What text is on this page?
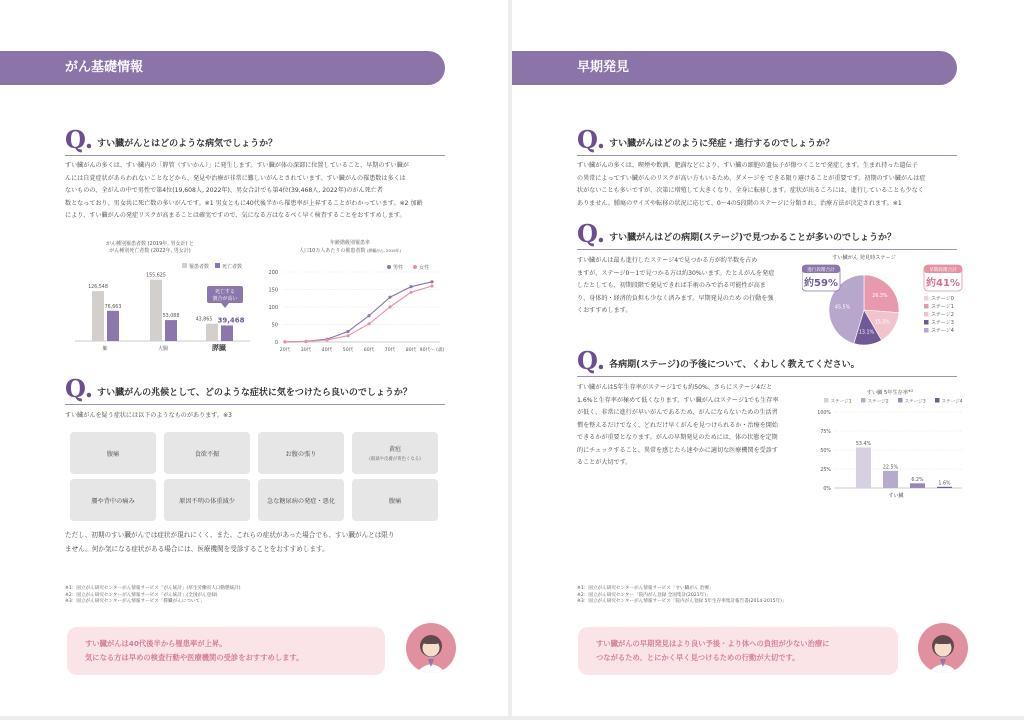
がん基礎情報
Q. すい臓がんとはどのような病気でしょうか？
すい臓がんの多くは、すい臓内の「膵管（すいかん）」に発生します。すい臓が体の深部に位置していること、早期のすい臓が
んには自覚症状があらわれないことなどから、発見や治療が非常に難しいがんとされています。すい臓がんの罹患数は多くは
ないものの、全がんの中で男性で第4位(19,608人, 2022年)、男女合計でも第4位(39,468人, 2022年)のがん死亡者
数となっており、男女共に死亡数の多いがんです。※1 男女ともに40代後半から罹患率が上昇することがわかっています。※2 加齢
により、すい臓がんの発症リスクが高まることは確実ですので、気になる方はなるべく早く検査することをおすすめします。
がん種別罹患者数 (2019年, 男女計) と
がん種別死亡者数 (2022年, 男女計)
罹患者数	死亡者数
126,548
76,663
肺
155,625
53,088
大腸
43,865 39,468
膵臓
死亡する
割合が高い
年齢階級別罹患率
人口10万人あたりの罹患者数 (膵臓がん, 2019年)
男性	女性
0
50
100
150
200
20代 30代 40代 50代 60代 70代 80代 90代〜 (歳)
Q. すい臓がんの兆候として、どのような症状に気をつけたら良いのでしょうか？
すい臓がんを疑う症状には以下のようなものがあります。※3
腹痛	食欲不振	お腹の張り
黄疸
(眼球や皮膚が黄色くなる)
腰や背中の痛み	原因不明の体重減少	急な糖尿病の発症・悪化	腹痛
ただし、初期のすい臓がんでは症状が現れにくく、また、これらの症状があった場合でも、すい臓がんとは限り
ません。何か気になる症状がある場合には、医療機関を受診することをおすすめします。
※1：国立がん研究センターがん情報サービス「がん統計」(厚生労働省人口動態統計)
※2：国立がん研究センターがん情報サービス「がん統計」(全国がん登録)
※3：国立がん研究センターがん情報サービス「膵臓がんについて」
すい臓がんは40代後半から罹患率が上昇。
気になる方は早めの検査行動や医療機関の受診をおすすめします。
早期発見
Q. すい臓がんはどのように発症・進行するのでしょうか？
すい臓がんの多くは、喫煙や飲酒、肥満などにより、すい臓の細胞の遺伝子が傷つくことで発症します。生まれ持った遺伝子
の異常によってすい臓がんのリスクが高い方もいるため、ダメージを できる限り避けることが重要です。初期のすい臓がんは症
状がないことも多いですが、次第に増殖して大きくなり、全身に転移します。症状が出るころには、進行していることも少なく
ありません。腫瘍のサイズや転移の状況に応じて、0〜4の5段階のステージに分類され、治療方法が決定されます。※1
Q. すい臓がんはどの病期(ステージ)で見つかることが多いのでしょうか？
すい臓がんは最も進行したステージ4で見つかる方が約半数を占め
ますが、ステージ0〜1で見つかる方は約30%います。たとえがんを発症
したとしても、初期段階で発見できれば手術のみで治る可能性が高ま
り、身体的・経済的負担も少なく済みます。早期発見のため の行動を強
くおすすめします。
すい臓がん 発見時ステージ
26.3%
15.5%
13.1%
45.5%
進行段階合計
約59%
早期段階合計
約41%
ステージ0
ステージ1
ステージ2
ステージ3
ステージ4
Q. 各病期(ステージ)の予後について、くわしく教えてください。
すい臓がんは5年生存率がステージ1でも約50%、さらにステージ4だと
1.6%と生存率が極めて低くなります。すい臓がんはステージ1でも生存率
が低く、非常に進行が早いがんであるため、がんにならないための生活習
慣を整えるだけでなく、どれだけ早くがんを見つけられるか・治療を開始
できるかが重要となります。がんの早期発見のためには、体の状態を定期
的にチェックすること、異常を感じたら速やかに適切な医療機関を受診す
ることが大切です。
すい臓 5年生存率$^{※2}$
ステージ1	ステージ2	ステージ3	ステージ4
0%
25%
50%
75%
100%
53.4%
22.5%
6.2%
1.6%
すい臓
※1：国立がん研究センターがん情報サービス「すい臓がん 治療」
※2：国立がん研究センター「院内がん登録 全国集計(2021年)」
※3：国立がん研究センターがん情報サービス「院内がん登録 5年生存率集計報告書(2014-2015年)」
すい臓がんの早期発見はより良い予後・より体への負担が少ない治療に
つながるため、とにかく早く見つけるための行動が大切です。
